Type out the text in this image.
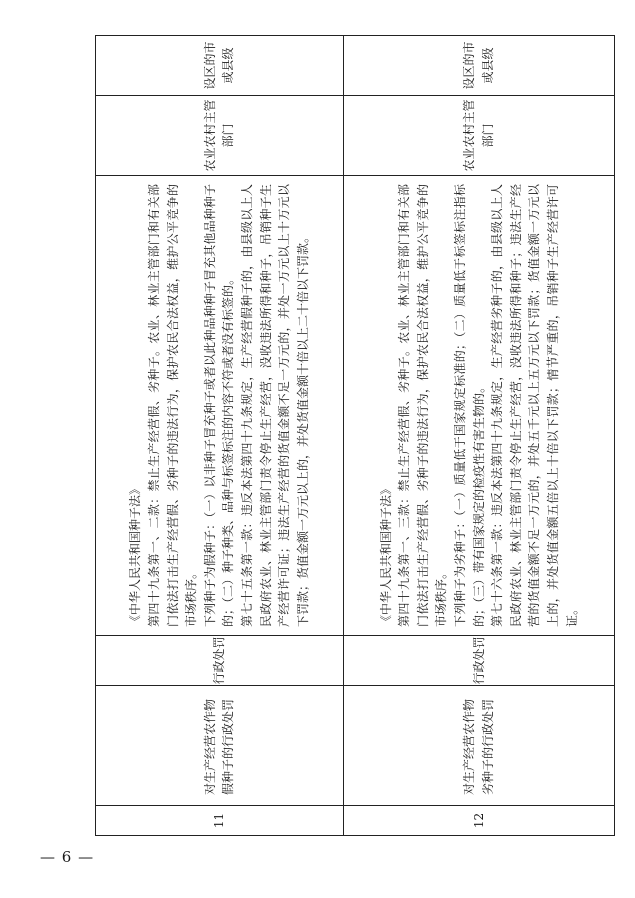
11	对生产经营农作物假种子的行政处罚	行政处罚	《中华人民共和国种子法》 第四十九条第一、二款：禁止生产经营假、劣种子。农业、林业主管部门和有关部门依法打击生产经营假、劣种子的违法行为，保护农民合法权益，维护公平竞争的市场秩序。 下列种子为假种子：（一）以非种子冒充种子或者以此种品种种子冒充其他品种种子的；（二）种子种类、品种与标签标注的内容不符或者没有标签的。 第七十五条第一款：违反本法第四十九条规定，生产经营假种子的，由县级以上人民政府农业、林业主管部门责令停止生产经营，没收违法所得和种子，吊销种子生产经营许可证；违法生产经营的货值金额不足一万元的，并处一万元以上十万元以下罚款；货值金额一万元以上的，并处货值金额十倍以上二十倍以下罚款。	农业农村主管部门	设区的市或县级
12	对生产经营农作物劣种子的行政处罚	行政处罚	《中华人民共和国种子法》 第四十九条第一、三款：禁止生产经营假、劣种子。农业、林业主管部门和有关部门依法打击生产经营假、劣种子的违法行为，保护农民合法权益，维护公平竞争的市场秩序。 下列种子为劣种子：（一）质量低于国家规定标准的；（二）质量低于标签标注指标的；（三）带有国家规定的检疫性有害生物的。 第七十六条第一款：违反本法第四十九条规定，生产经营劣种子的，由县级以上人民政府农业、林业主管部门责令停止生产经营，没收违法所得和种子；违法生产经营的货值金额不足一万元的，并处五千元以上五万元以下罚款；货值金额一万元以上的，并处货值金额五倍以上十倍以下罚款；情节严重的，吊销种子生产经营许可证。	农业农村主管部门	设区的市或县级
— 6 —
